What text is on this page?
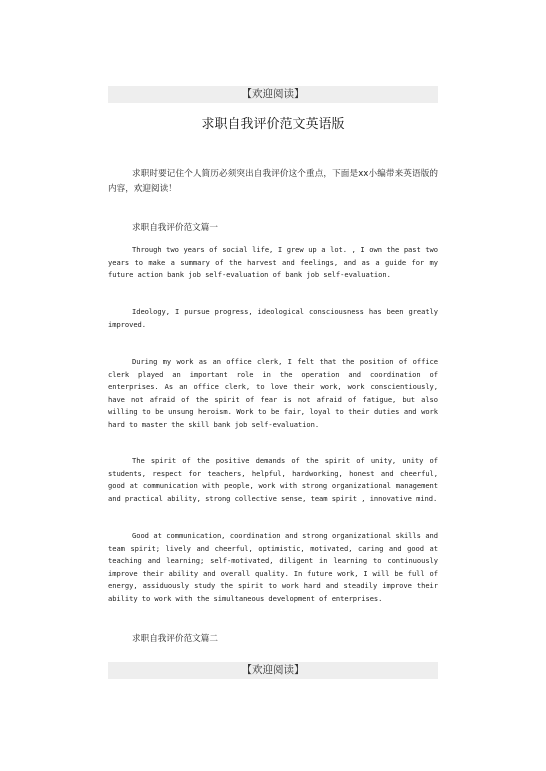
【欢迎阅读】
求职自我评价范文英语版

求职时要记住个人简历必须突出自我评价这个重点，下面是xx小编带来英语版的内容，欢迎阅读！

求职自我评价范文篇一

Through two years of social life, I grew up a lot. , I own the past two years to make a summary of the harvest and feelings, and as a guide for my future action bank job self-evaluation of bank job self-evaluation.

Ideology, I pursue progress, ideological consciousness has been greatly improved.

During my work as an office clerk, I felt that the position of office clerk played an important role in the operation and coordination of enterprises. As an office clerk, to love their work, work conscientiously, have not afraid of the spirit of fear is not afraid of fatigue, but also willing to be unsung heroism. Work to be fair, loyal to their duties and work hard to master the skill bank job self-evaluation.

The spirit of the positive demands of the spirit of unity, unity of students, respect for teachers, helpful, hardworking, honest and cheerful, good at communication with people, work with strong organizational management and practical ability, strong collective sense, team spirit , innovative mind.

Good at communication, coordination and strong organizational skills and team spirit; lively and cheerful, optimistic, motivated, caring and good at teaching and learning; self-motivated, diligent in learning to continuously improve their ability and overall quality. In future work, I will be full of energy, assiduously study the spirit to work hard and steadily improve their ability to work with the simultaneous development of enterprises.

求职自我评价范文篇二
【欢迎阅读】
